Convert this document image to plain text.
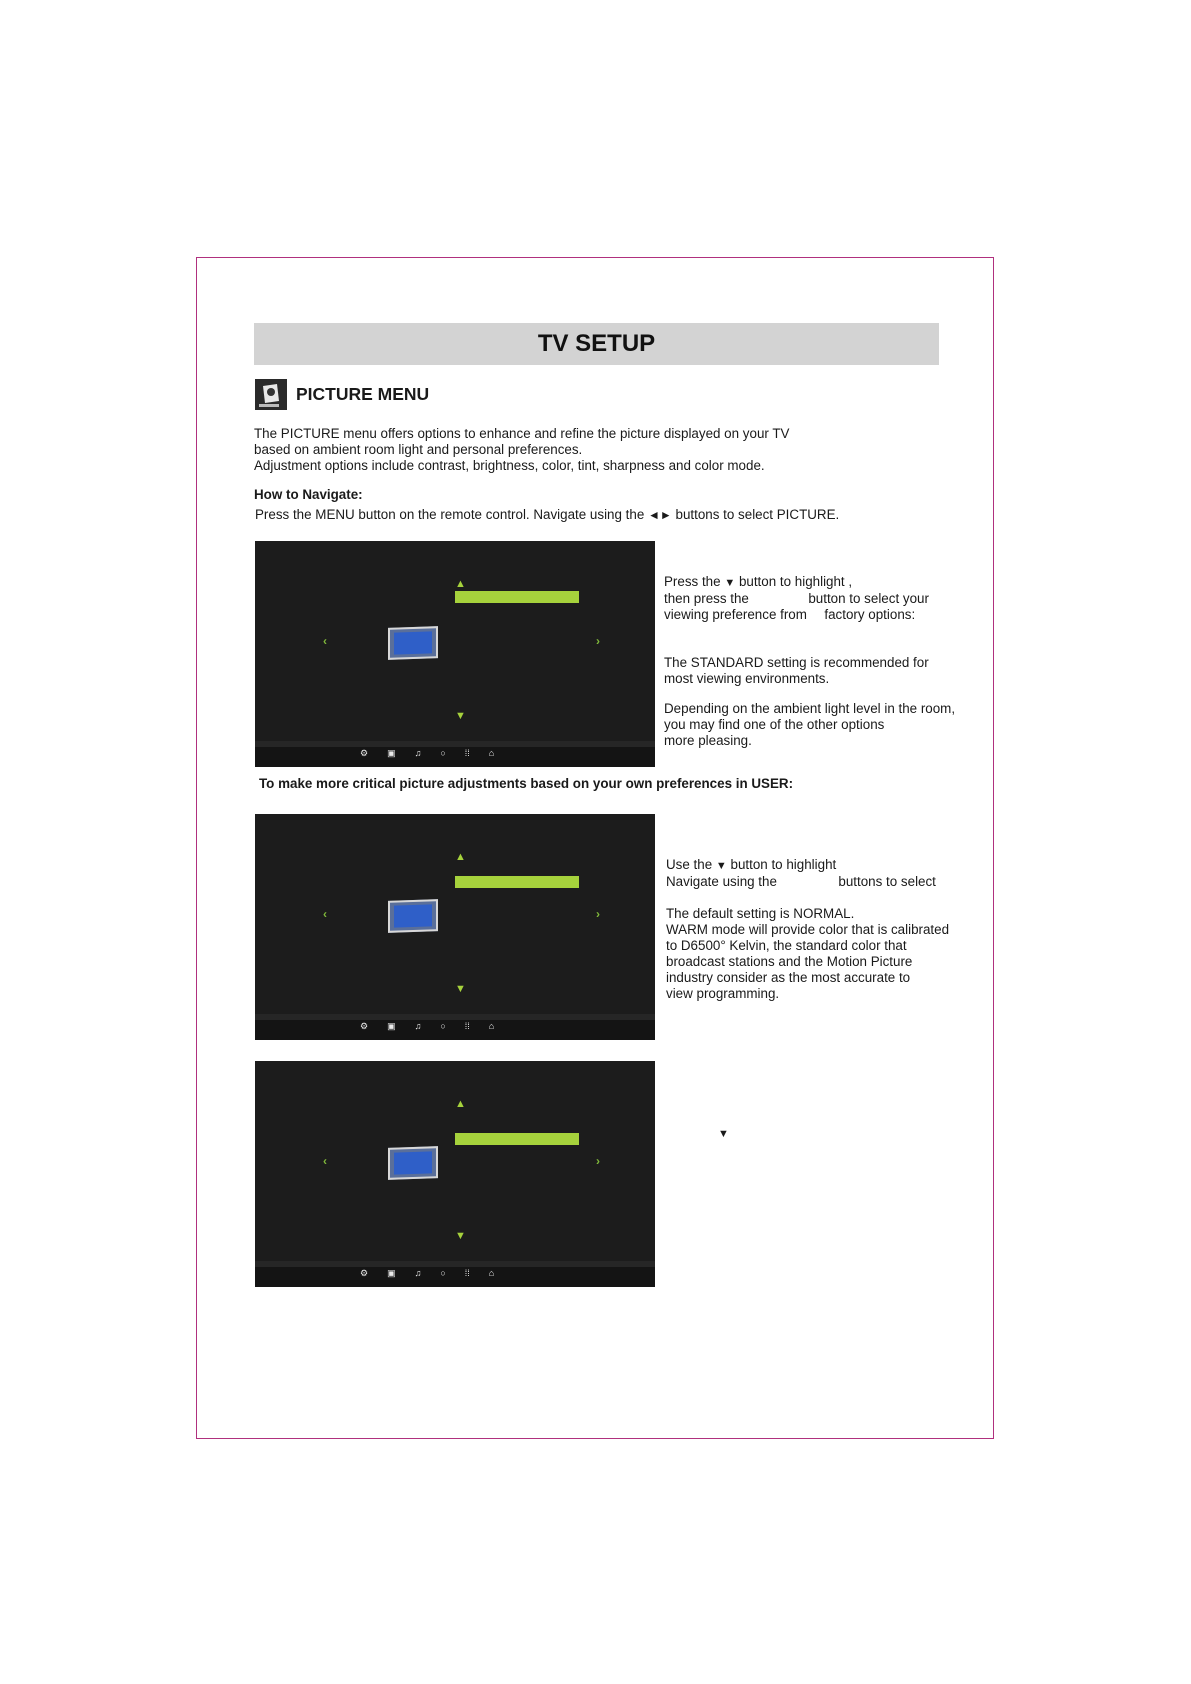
TV SETUP
PICTURE MENU
The PICTURE menu offers options to enhance and refine the picture displayed on your TV
based on ambient room light and personal preferences.
Adjustment options include contrast, brightness, color, tint, sharpness and color mode.
How to Navigate:
Press the MENU button on the remote control. Navigate using the ◄► buttons to select PICTURE.
▲
‹	›
▼
⚙ ▣ ♫ ○ ⁞⁞ ⌂

Press the ▼ button to highlight ,

then press the	button to select your

viewing preference from factory options:

The STANDARD setting is recommended for

most viewing environments.

Depending on the ambient light level in the room,

you may find one of the other options

more pleasing.

To make more critical picture adjustments based on your own preferences in USER:
▲
‹	›
▼
⚙ ▣ ♫ ○ ⁞⁞ ⌂

Use the ▼ button to highlight

Navigate using the	buttons to select

The default setting is NORMAL.

WARM mode will provide color that is calibrated

to D6500° Kelvin, the standard color that

broadcast stations and the Motion Picture

industry consider as the most accurate to

view programming.

▲
‹	›
▼
⚙ ▣ ♫ ○ ⁞⁞ ⌂
▼
